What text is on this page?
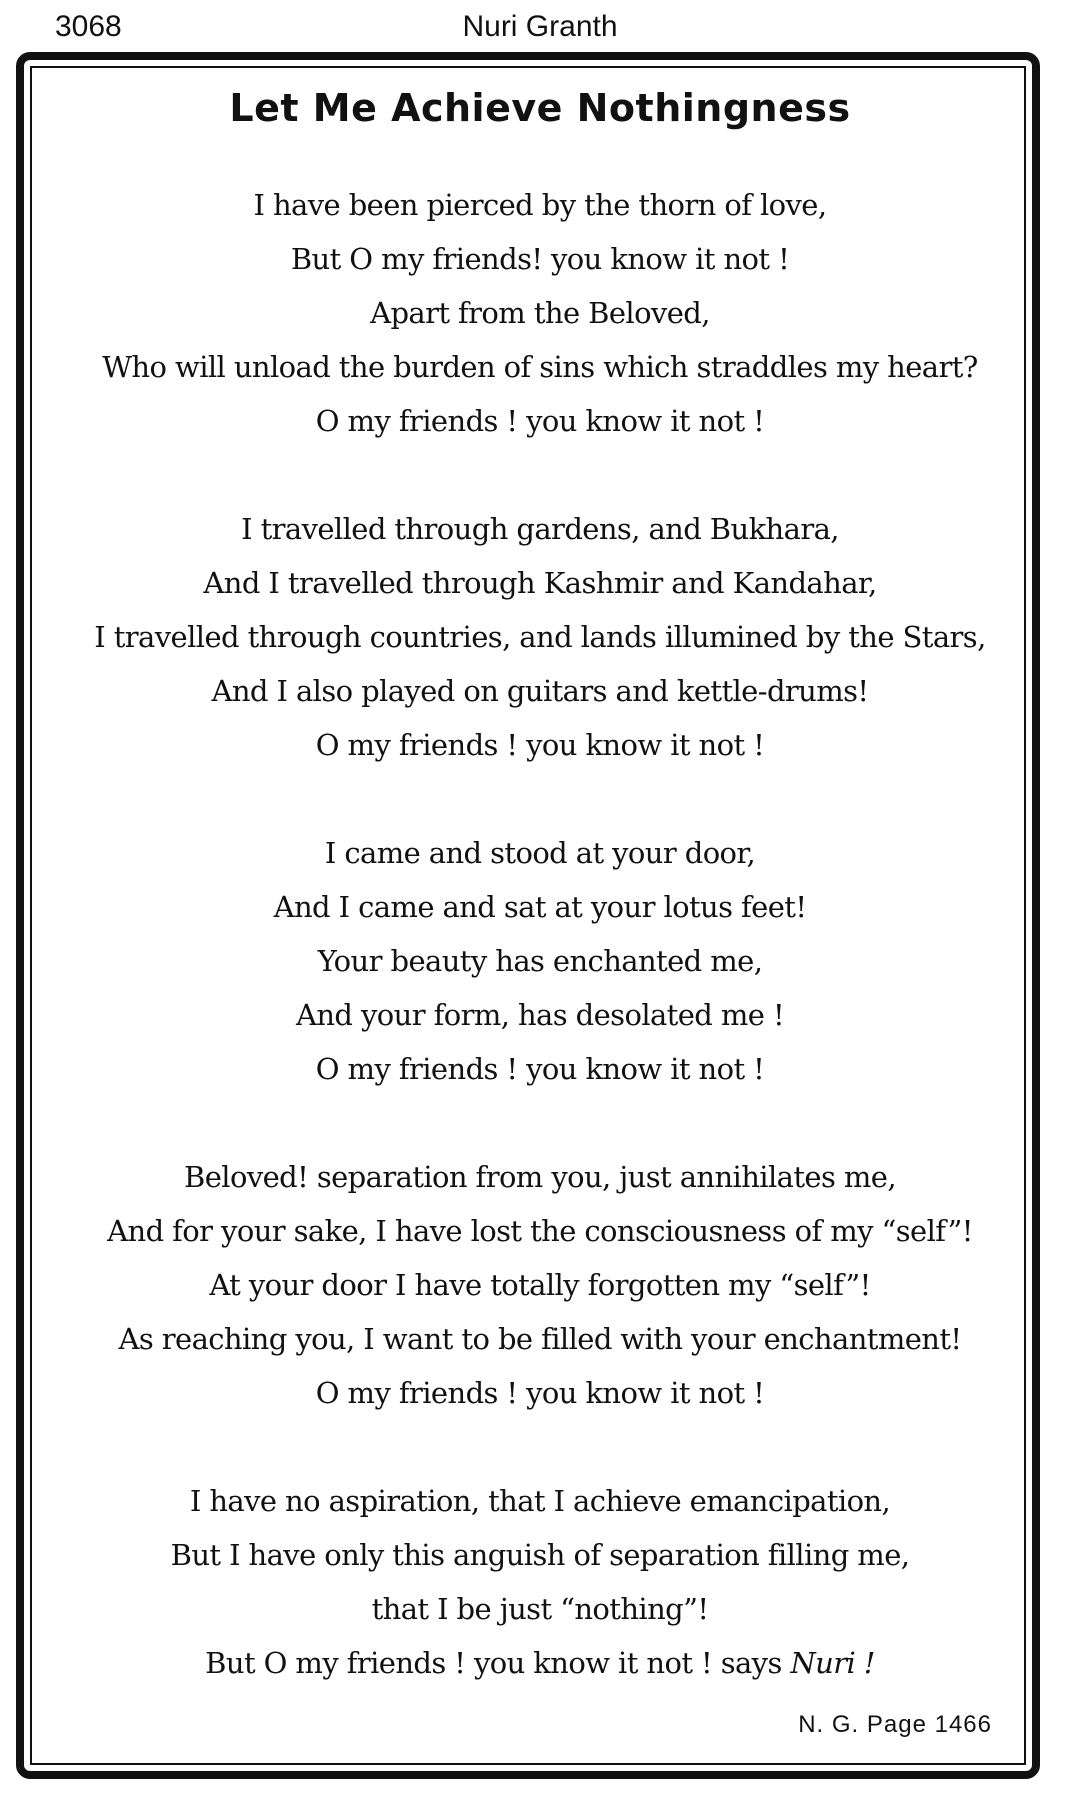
3068	Nuri Granth
Let Me Achieve Nothingness
I have been pierced by the thorn of love,
But O my friends! you know it not !
Apart from the Beloved,
Who will unload the burden of sins which straddles my heart?
O my friends ! you know it not !
I travelled through gardens, and Bukhara,
And I travelled through Kashmir and Kandahar,
I travelled through countries, and lands illumined by the Stars,
And I also played on guitars and kettle-drums!
O my friends ! you know it not !
I came and stood at your door,
And I came and sat at your lotus feet!
Your beauty has enchanted me,
And your form, has desolated me !
O my friends ! you know it not !
Beloved! separation from you, just annihilates me,
And for your sake, I have lost the consciousness of my “self”!
At your door I have totally forgotten my “self”!
As reaching you, I want to be filled with your enchantment!
O my friends ! you know it not !
I have no aspiration, that I achieve emancipation,
But I have only this anguish of separation filling me,
that I be just “nothing”!
But O my friends ! you know it not ! says Nuri !
N. G. Page 1466
